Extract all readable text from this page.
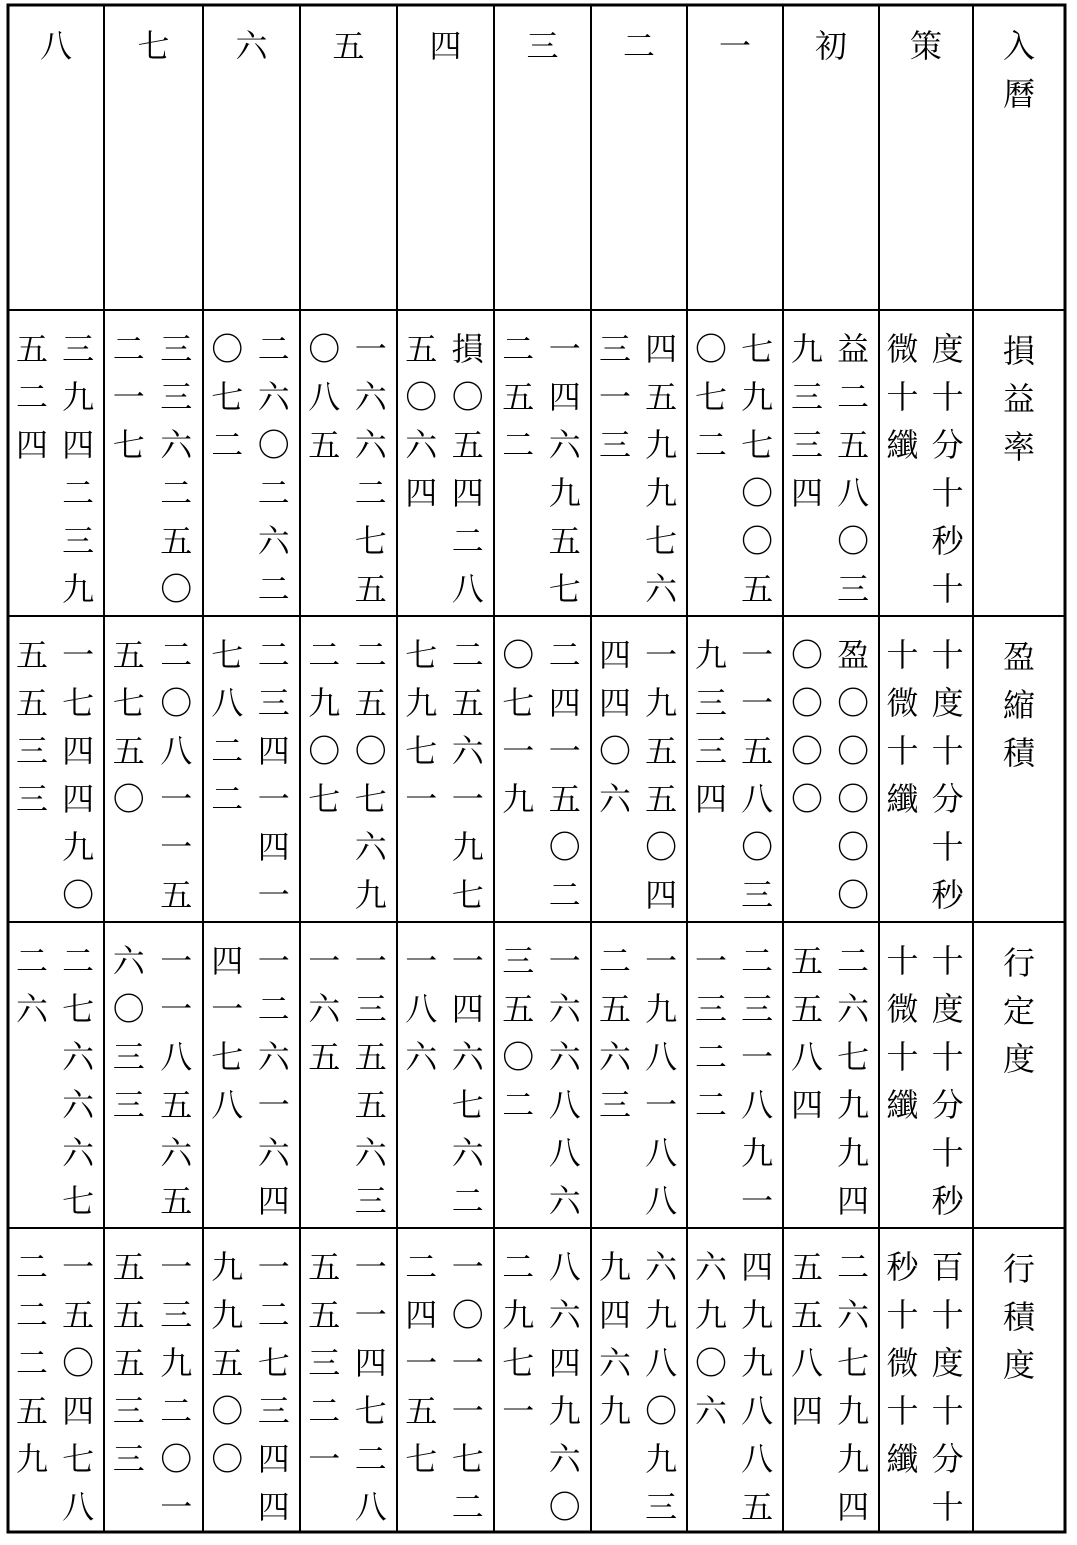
入
曆
策
初
一
二
三
四
五
六
七
八
損
益
率
度
十
分
十
秒
十
微
十
纖
益
二
五
八
〇
三
九
三
三
四
七
九
七
〇
〇
五
〇
七
二
四
五
九
九
七
六
三
一
三
一
四
六
九
五
七
二
五
二
損
〇
五
四
二
八
五
〇
六
四
一
六
六
二
七
五
〇
八
五
二
六
〇
二
六
二
〇
七
二
三
三
六
二
五
〇
二
一
七
三
九
四
二
三
九
五
二
四
盈
縮
積
十
度
十
分
十
秒
十
微
十
纖
盈
〇
〇
〇
〇
〇
〇
〇
〇
〇
一
一
五
八
〇
三
九
三
三
四
一
九
五
五
〇
四
四
四
〇
六
二
四
一
五
〇
二
〇
七
一
九
二
五
六
一
九
七
七
九
七
一
二
五
〇
七
六
九
二
九
〇
七
二
三
四
一
四
一
七
八
二
二
二
〇
八
一
一
五
五
七
五
〇
一
七
四
四
九
〇
五
五
三
三
行
定
度
十
度
十
分
十
秒
十
微
十
纖
二
六
七
九
九
四
五
五
八
四
二
三
一
八
九
一
一
三
二
二
一
九
八
一
八
八
二
五
六
三
一
六
六
八
八
六
三
五
〇
二
一
四
六
七
六
二
一
八
六
一
三
五
五
六
三
一
六
五
一
二
六
一
六
四
四
一
七
八
一
一
八
五
六
五
六
〇
三
三
二
七
六
六
六
七
二
六
行
積
度
百
十
度
十
分
十
秒
十
微
十
纖
二
六
七
九
九
四
五
五
八
四
四
九
九
八
八
五
六
九
〇
六
六
九
八
〇
九
三
九
四
六
九
八
六
四
九
六
〇
二
九
七
一
一
〇
一
一
七
二
二
四
一
五
七
一
一
四
七
二
八
五
五
三
二
一
一
二
七
三
四
四
九
九
五
〇
〇
一
三
九
二
〇
一
五
五
五
三
三
一
五
〇
四
七
八
二
二
二
五
九
